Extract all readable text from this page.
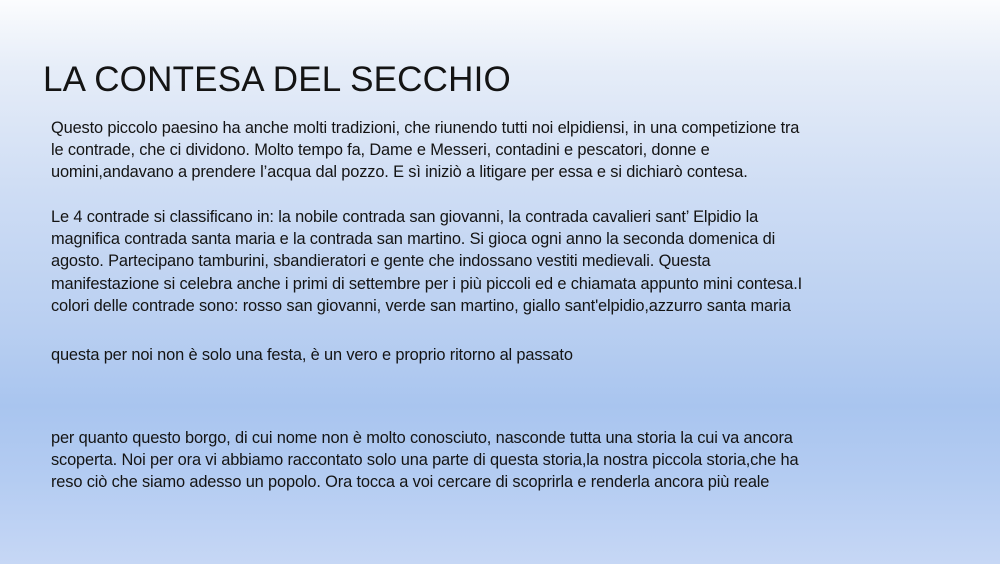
LA CONTESA DEL SECCHIO

Questo piccolo paesino ha anche molti tradizioni, che riunendo tutti noi elpidiensi, in una competizione tra
le contrade, che ci dividono. Molto tempo fa, Dame e Messeri, contadini e pescatori, donne e
uomini,andavano a prendere l’acqua dal pozzo. E sì iniziò a litigare per essa e si dichiarò contesa.

Le 4 contrade si classificano in: la nobile contrada san giovanni, la contrada cavalieri sant’ Elpidio la
magnifica contrada santa maria e la contrada san martino. Si gioca ogni anno la seconda domenica di
agosto. Partecipano tamburini, sbandieratori e gente che indossano vestiti medievali. Questa
manifestazione si celebra anche i primi di settembre per i più piccoli ed e chiamata appunto mini contesa.I
colori delle contrade sono: rosso san giovanni, verde san martino, giallo sant'elpidio,azzurro santa maria

questa per noi non è solo una festa, è un vero e proprio ritorno al passato

per quanto questo borgo, di cui nome non è molto conosciuto, nasconde tutta una storia la cui va ancora
scoperta. Noi per ora vi abbiamo raccontato solo una parte di questa storia,la nostra piccola storia,che ha
reso ciò che siamo adesso un popolo. Ora tocca a voi cercare di scoprirla e renderla ancora più reale
